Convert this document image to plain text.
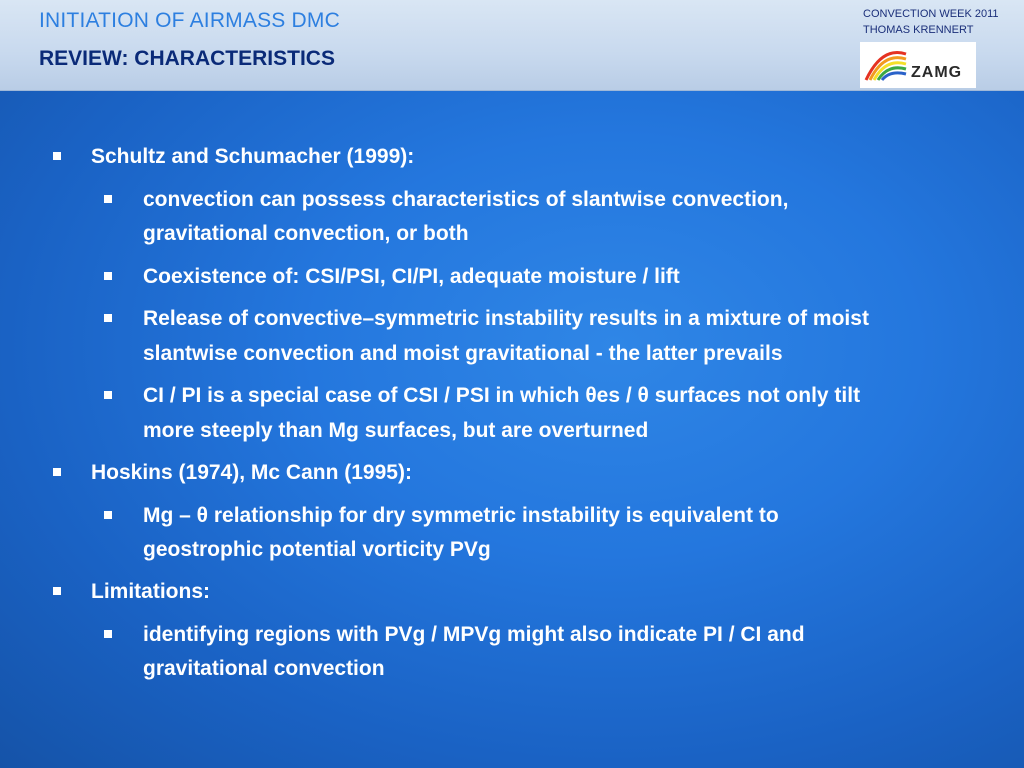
INITIATION OF AIRMASS DMC
REVIEW: CHARACTERISTICS
CONVECTION WEEK 2011
THOMAS KRENNERT
ZAMG
Schultz and Schumacher (1999):
convection can possess characteristics of slantwise convection,
gravitational convection, or both
Coexistence of: CSI/PSI, CI/PI, adequate moisture / lift
Release of convective–symmetric instability results in a mixture of moist
slantwise convection and moist gravitational - the latter prevails
CI / PI is a special case of CSI / PSI in which θes / θ surfaces not only tilt
more steeply than Mg surfaces, but are overturned
Hoskins (1974), Mc Cann (1995):
Mg – θ relationship for dry symmetric instability is equivalent to
geostrophic potential vorticity PVg
Limitations:
identifying regions with PVg / MPVg might also indicate PI / CI and
gravitational convection
